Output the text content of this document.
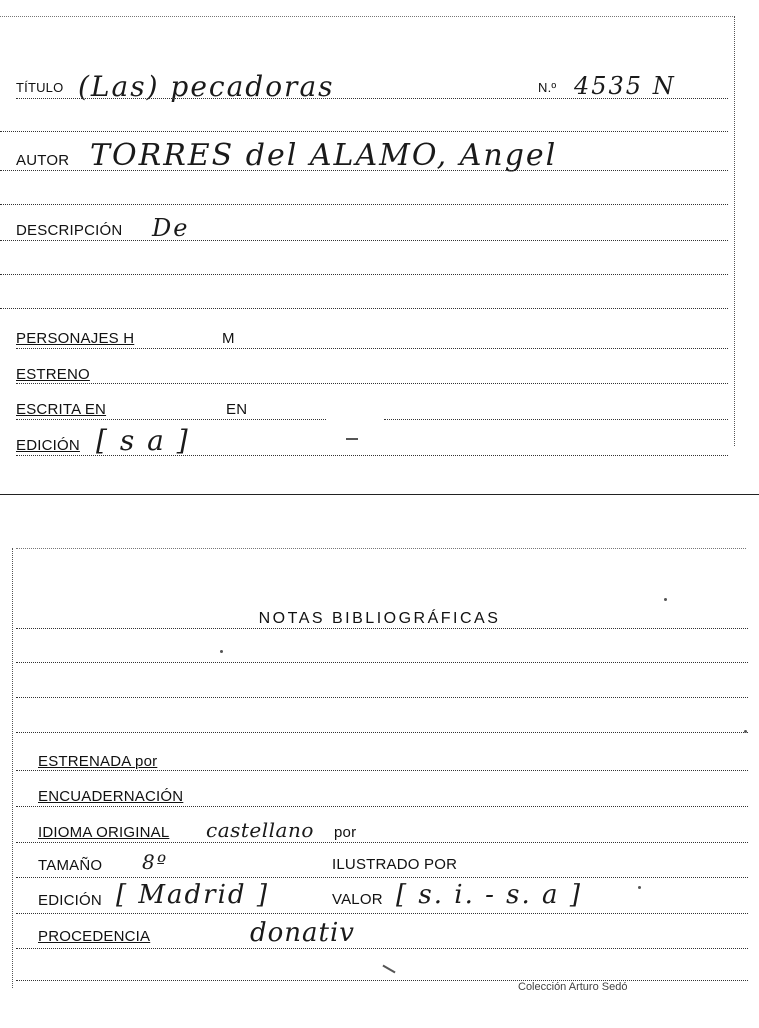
TÍTULO (Las) pecadoras	N.º 4535 N
AUTOR TORRES del ALAMO, Angel
DESCRIPCIÓN De
PERSONAJES H	M
ESTRENO
ESCRITA EN	EN
EDICIÓN [ s a ]
NOTAS BIBLIOGRÁFICAS
ESTRENADA por
ENCUADERNACIÓN
IDIOMA ORIGINAL castellano por
TAMAÑO 8º	ILUSTRADO POR
EDICIÓN [ Madrid ]	VALOR [ s. i. - s. a ]
PROCEDENCIA	donativ
Colección Arturo Sedó
